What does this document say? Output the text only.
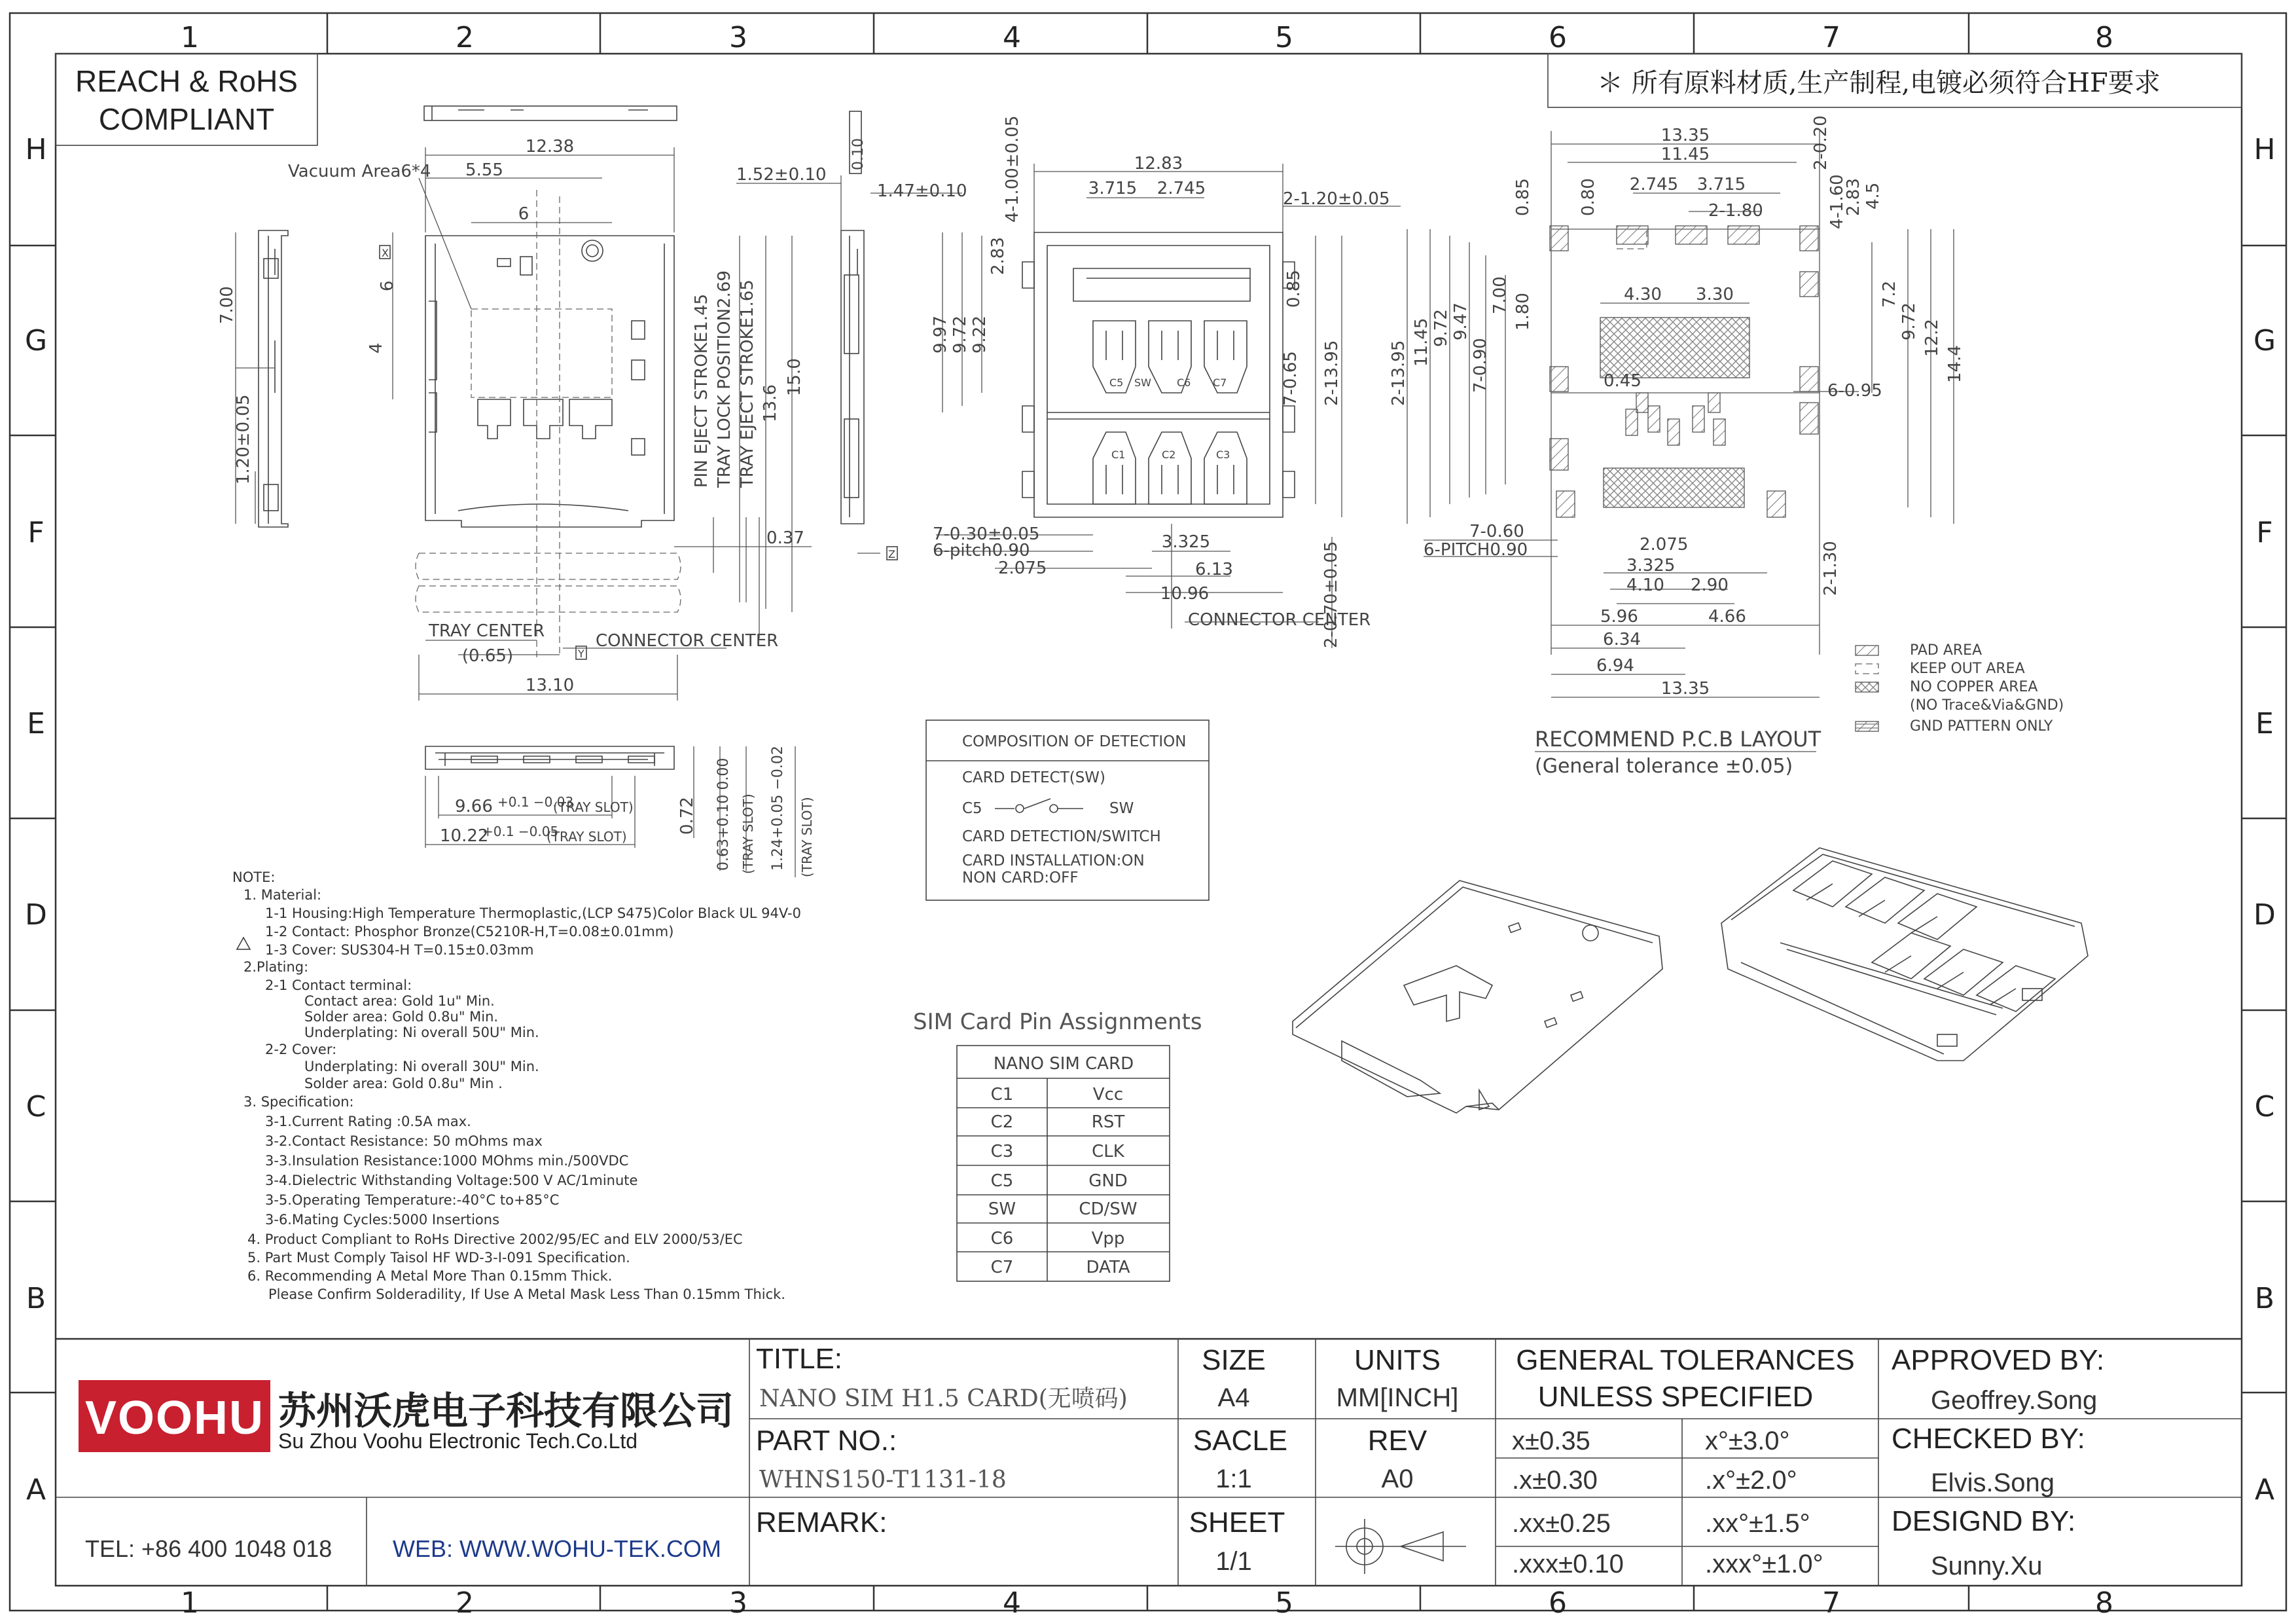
1	2	3	4	5	6	7	8
1	2	3	4	5	6	7	8
H
G
F
E
D
C
B
A
H
G
F
E
D
C
B
A
REACH & RoHS
COMPLIANT
＊ 所有原料材质,生产制程,电镀必须符合HF要求
12.38
5.55
6
Vacuum Area6*4
6
4
X
PIN EJECT STROKE1.45 TRAY LOCK POSITION2.69 TRAY EJECT STROKE1.65 13.6
15.0
0.37
TRAY CENTER
(0.65)
CONNECTOR CENTER
Y
13.10
7.00
1.20±0.05
0.10
1.52±0.10
1.47±0.10
Z
C5 SW C6 C7
C1	C2	C3
12.83
3.715 2.745
2-1.20±0.05
4-1.00±0.05
2.83
9.97 9.72 9.22
0.85
7-0.65 2-13.95
7-0.30±0.05
6-pitch0.90
2.075
3.325
6.13
10.96
CONNECTOR CENTER
2-0.70±0.05
13.35
11.45
2.745 3.715
2-1.80
0.85	0.80
2-0.20
4-1.60
2.83 4.5
4.30 3.30	7.2
9.72 12.2
14.4
2-13.95 11.45 9.72 9.47
7-0.90
7.00 1.80
0.45	6-0.95
7-0.60
6-PITCH0.90	2.075
3.325
4.10 2.90
5.96	4.66
6.34
6.94
13.35
2-1.30
RECOMMEND P.C.B LAYOUT
(General tolerance ±0.05)
PAD AREA
KEEP OUT AREA
NO COPPER AREA
(NO Trace&Via&GND)
GND PATTERN ONLY
9.66 +0.1 −0.03
(TRAY SLOT)
10.22
+0.1 −0.05
(TRAY SLOT)
0.72 0.63+0.10 0.00 (TRAY SLOT) 1.24+0.05 −0.02 (TRAY SLOT)
COMPOSITION OF DETECTION
CARD DETECT(SW)
C5	SW
CARD DETECTION/SWITCH
CARD INSTALLATION:ON
NON CARD:OFF
SIM Card Pin Assignments
NANO SIM CARD
C1	Vcc
C2	RST
C3	CLK
C5	GND
SW	CD/SW
C6	Vpp
C7	DATA
NOTE:
1. Material:
1-1 Housing:High Temperature Thermoplastic,(LCP S475)Color Black UL 94V-0
1-2 Contact: Phosphor Bronze(C5210R-H,T=0.08±0.01mm)
1-3 Cover: SUS304-H T=0.15±0.03mm
2.Plating:
2-1 Contact terminal:
Contact area: Gold 1u" Min.
Solder area: Gold 0.8u" Min.
Underplating: Ni overall 50U" Min.
2-2 Cover:
Underplating: Ni overall 30U" Min.
Solder area: Gold 0.8u" Min .
3. Specification:
3-1.Current Rating :0.5A max.
3-2.Contact Resistance: 50 mOhms max
3-3.Insulation Resistance:1000 MOhms min./500VDC
3-4.Dielectric Withstanding Voltage:500 V AC/1minute
3-5.Operating Temperature:-40°C to+85°C
3-6.Mating Cycles:5000 Insertions
4. Product Compliant to RoHs Directive 2002/95/EC and ELV 2000/53/EC
5. Part Must Comply Taisol HF WD-3-I-091 Specification.
6. Recommending A Metal More Than 0.15mm Thick.
Please Confirm Solderadility, If Use A Metal Mask Less Than 0.15mm Thick.
VOOHU 苏州沃虎电子科技有限公司
Su Zhou Voohu Electronic Tech.Co.Ltd
TEL: +86 400 1048 018	WEB: WWW.WOHU-TEK.COM
TITLE:
NANO SIM H1.5 CARD(无喷码)
PART NO.:
WHNS150-T1131-18
REMARK:
SIZE
A4
UNITS
MM[INCH]
SACLE
1:1
REV
A0
SHEET
1/1
GENERAL TOLERANCES
UNLESS SPECIFIED
APPROVED BY:
Geoffrey.Song
CHECKED BY:
Elvis.Song
DESIGND BY:
Sunny.Xu
x±0.35	x°±3.0°
.x±0.30	.x°±2.0°
.xx±0.25	.xx°±1.5°
.xxx±0.10	.xxx°±1.0°
